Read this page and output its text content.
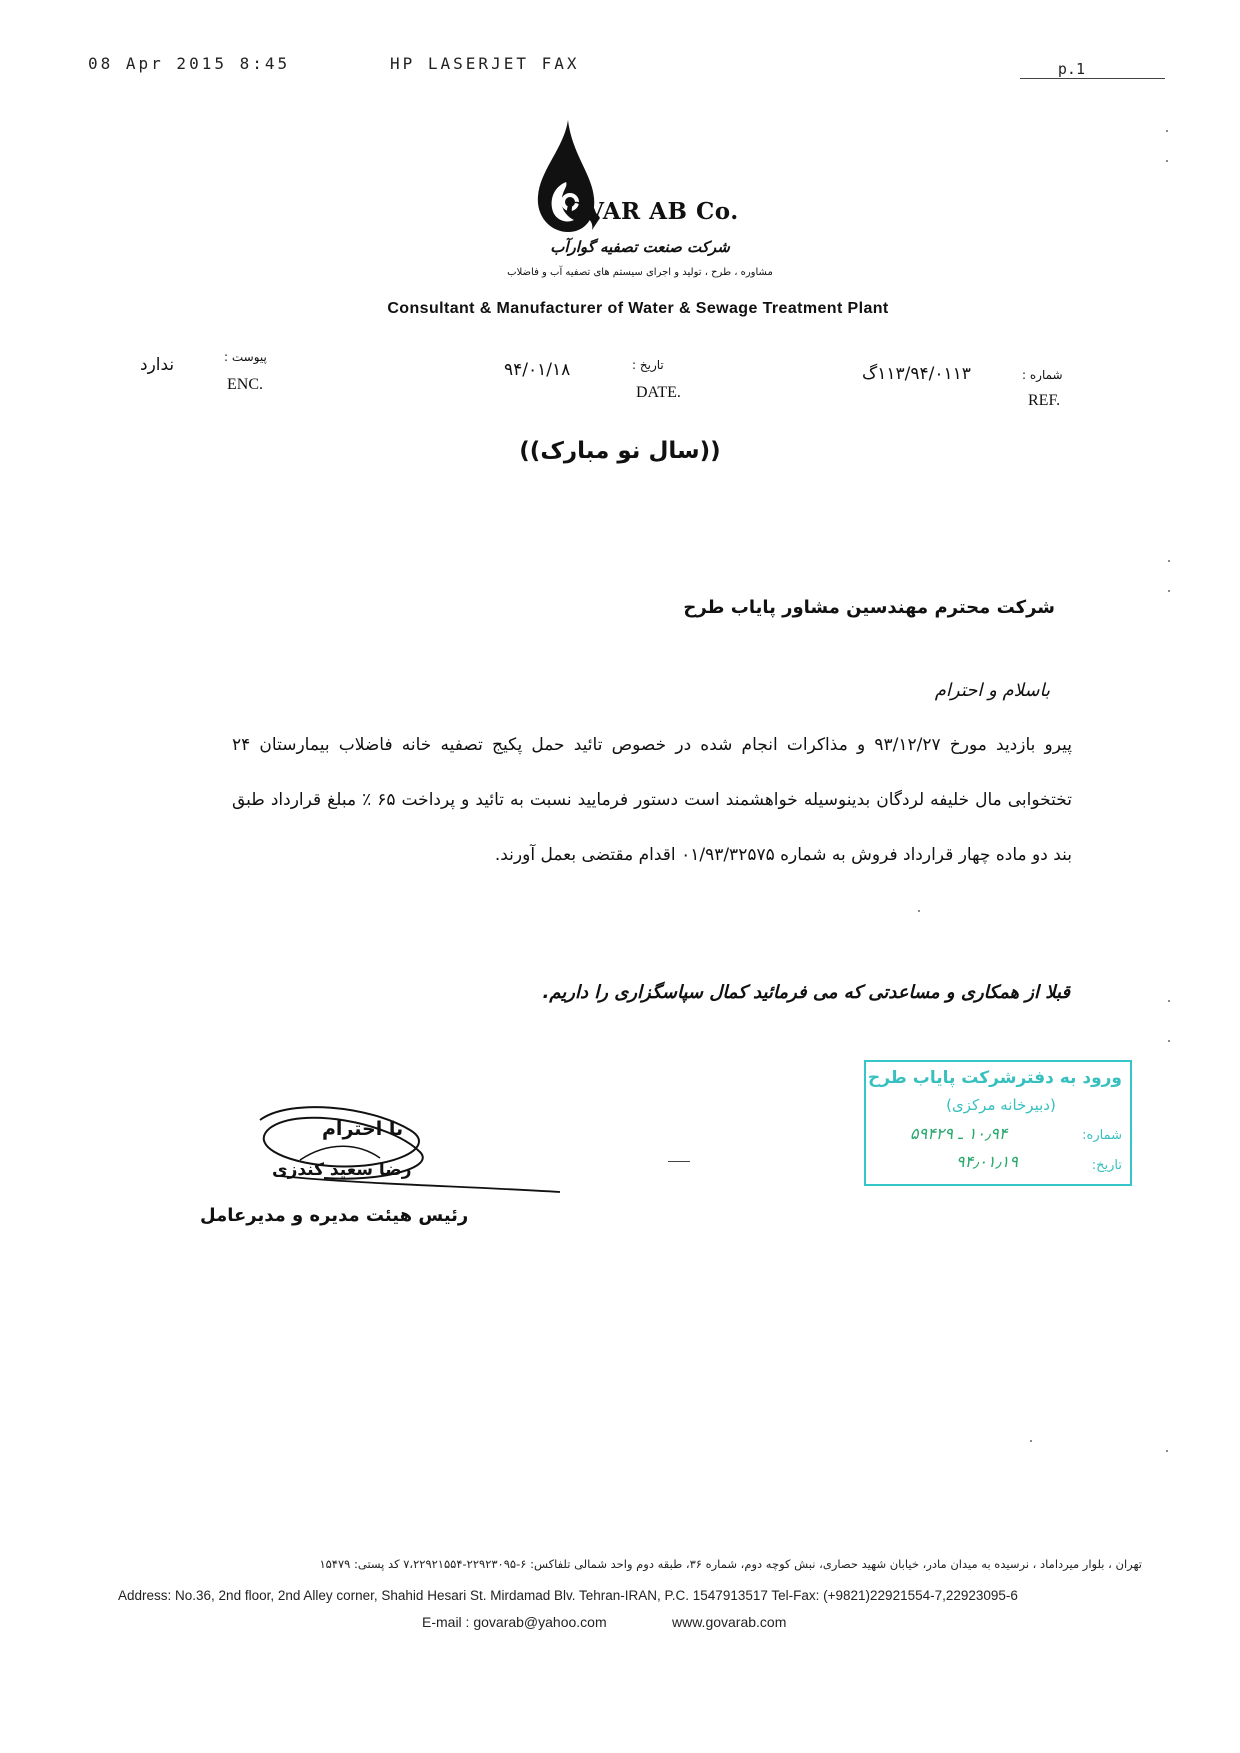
08 Apr 2015 8:45	HP LASERJET FAX	p.1
OVAR AB Co.
شرکت صنعت تصفیه گوارآب
مشاوره ، طرح ، تولید و اجرای سیستم های تصفیه آب و فاضلاب
Consultant & Manufacturer of Water & Sewage Treatment Plant
شماره :
REF.
۱۱۳/۹۴/۰۱۱۳گ
تاریخ :
DATE.
۹۴/۰۱/۱۸
پیوست :
ENC.
ندارد
((سال نو مبارک))
شرکت محترم مهندسین مشاور پایاب طرح
باسلام و احترام
پیرو بازدید مورخ ۹۳/۱۲/۲۷ و مذاکرات انجام شده در خصوص تائید حمل پکیج تصفیه خانه فاضلاب بیمارستان ۲۴ تختخوابی مال خلیفه لردگان بدینوسیله خواهشمند است دستور فرمایید نسبت به تائید و پرداخت ۶۵ ٪ مبلغ قرارداد طبق بند دو ماده چهار قرارداد فروش به شماره ۰۱/۹۳/۳۲۵۷۵ اقدام مقتضی بعمل آورند.
قبلا از همکاری و مساعدتی که می فرمائید کمال سپاسگزاری را داریم.
با احترام
رضا سعید کندزی
رئیس هیئت مدیره و مدیرعامل
ورود به دفترشرکت پایاب طرح
(دبیرخانه مرکزی)
شماره:
۱۰٫۹۴ ـ ۵۹۴۲۹
تاریخ:
۹۴٫۰۱٫۱۹
تهران ، بلوار میرداماد ، نرسیده به میدان مادر، خیابان شهید حصاری، نبش کوچه دوم، شماره ۳۶، طبقه دوم واحد شمالی تلفاکس: ۶-۲۲۹۲۳۰۹۵-۷،۲۲۹۲۱۵۵۴ کد پستی: ۱۵۴۷۹
Address: No.36, 2nd floor, 2nd Alley corner, Shahid Hesari St. Mirdamad Blv. Tehran-IRAN, P.C. 1547913517 Tel-Fax: (+9821)22921554-7,22923095-6
E-mail : govarab@yahoo.com	www.govarab.com
